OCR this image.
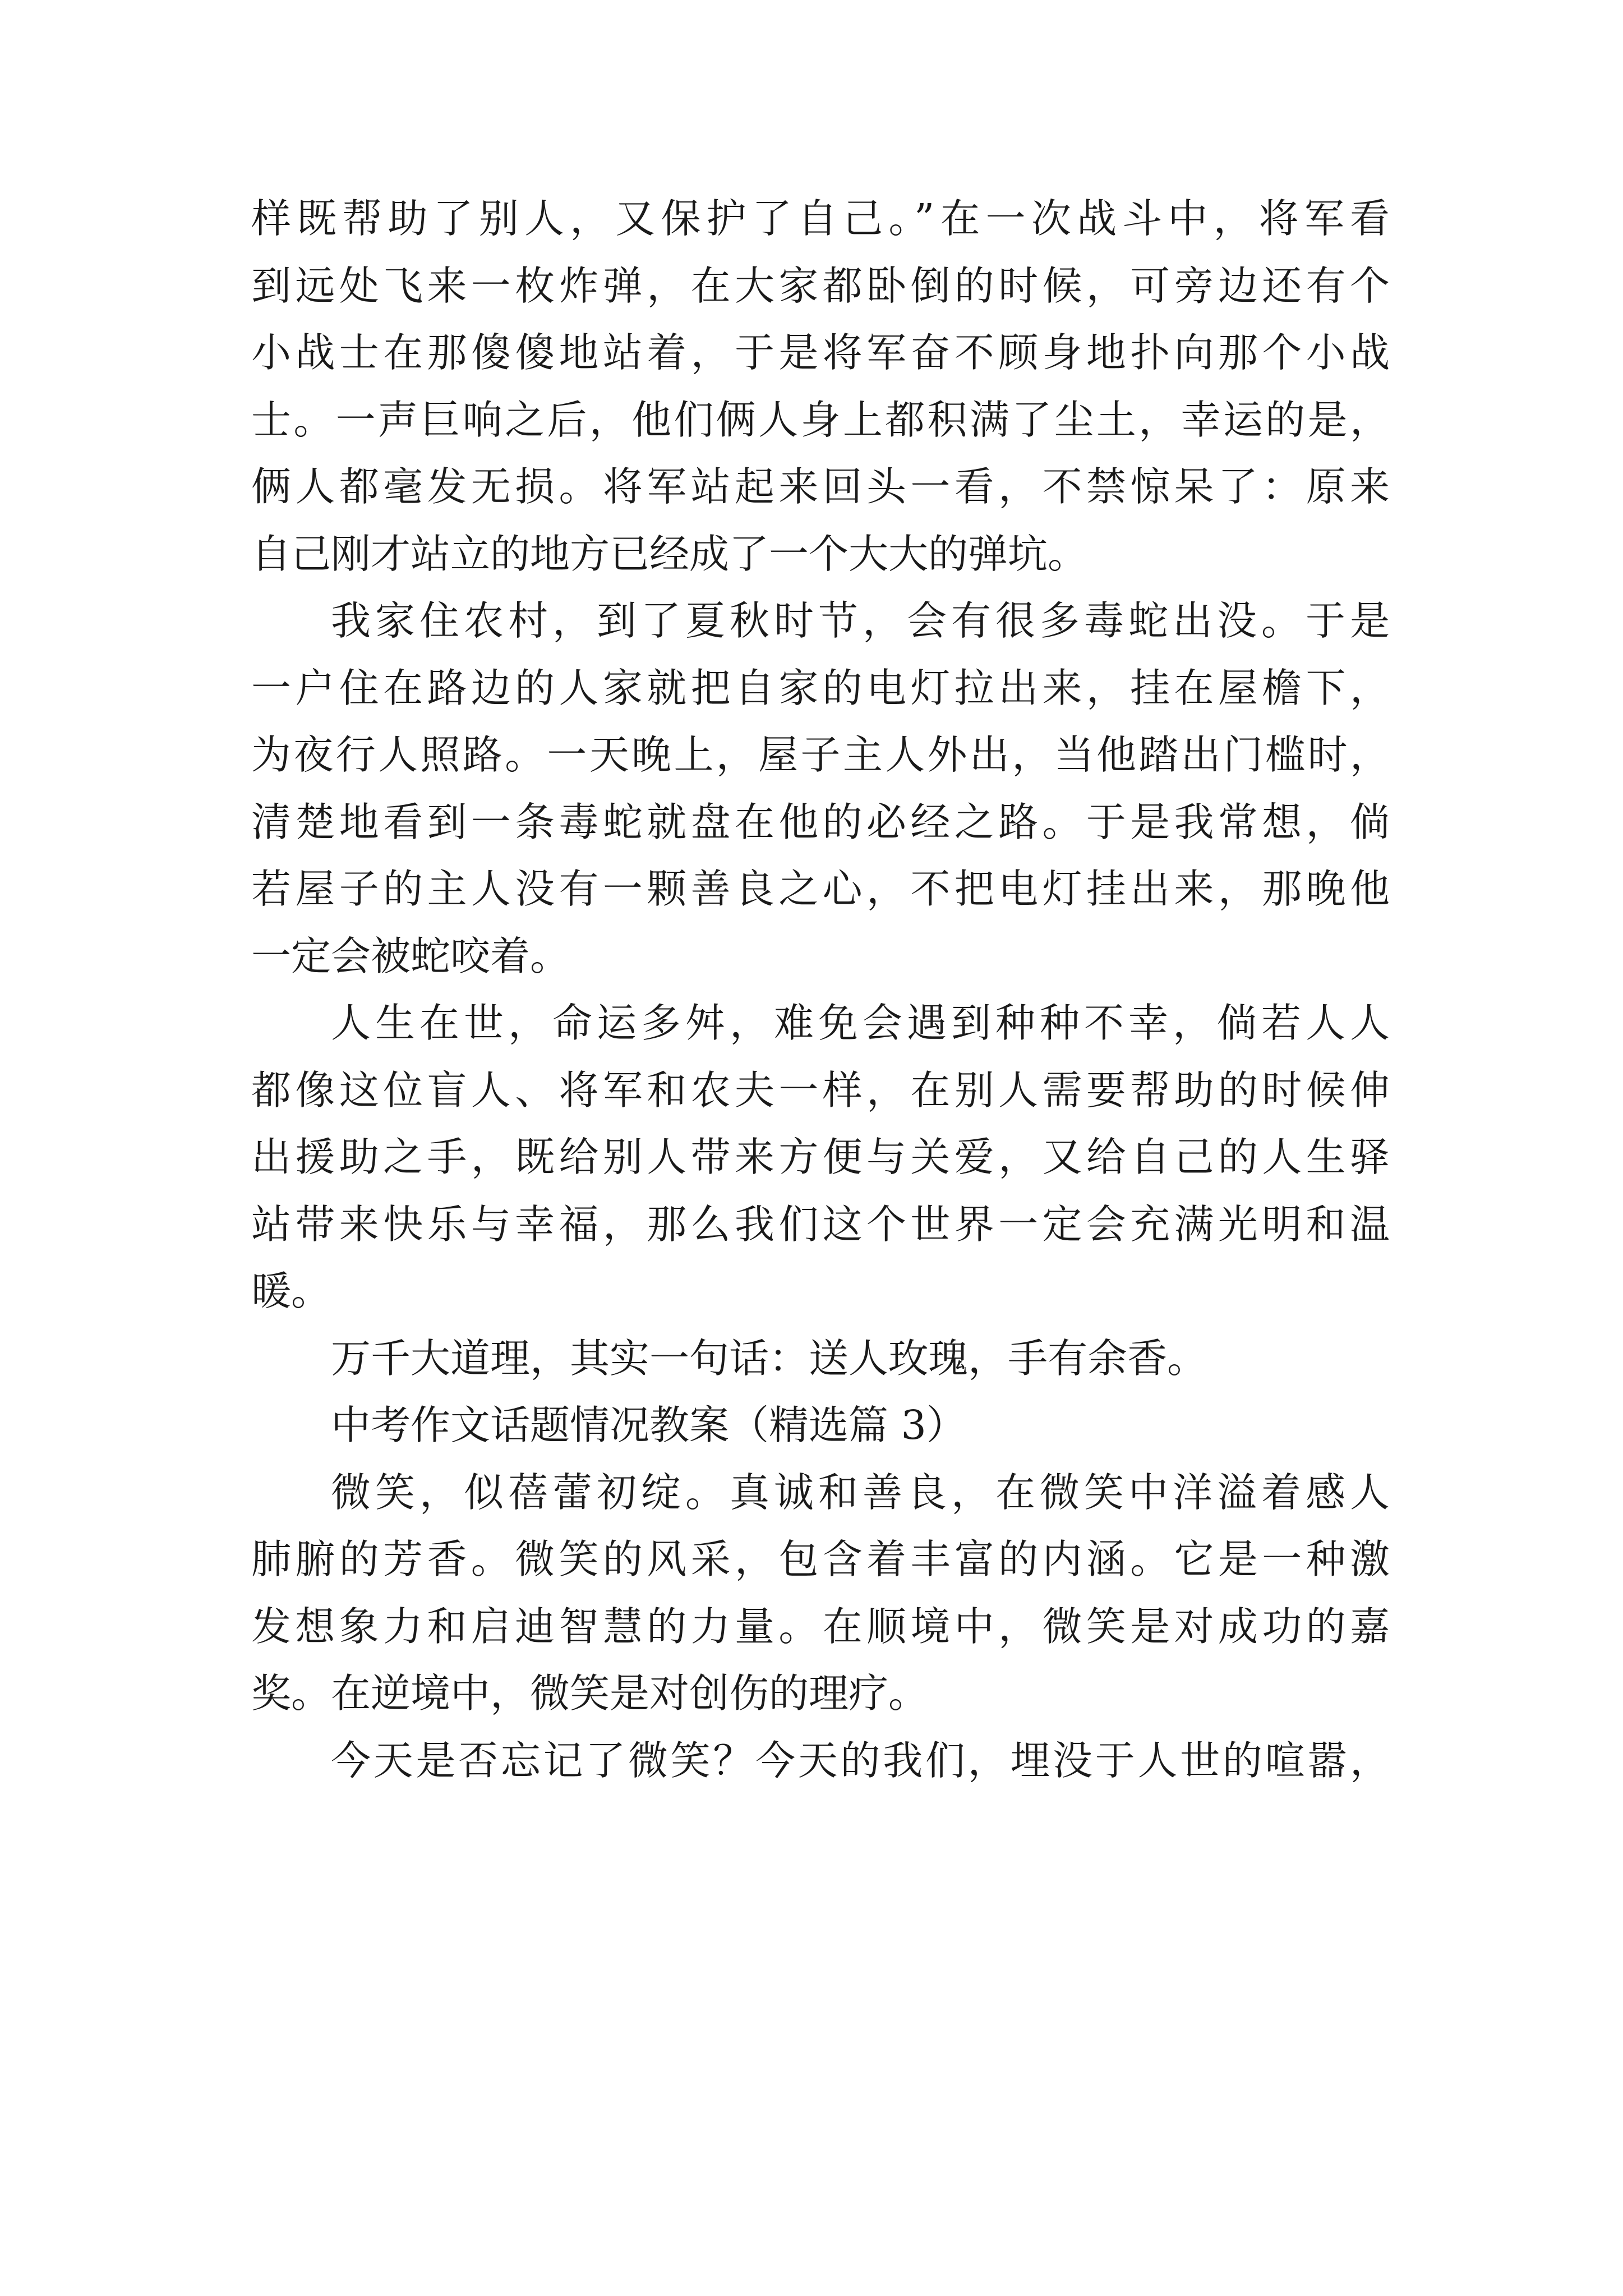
样既帮助了别人，又保护了自己。”在一次战斗中，将军看
到远处飞来一枚炸弹，在大家都卧倒的时候，可旁边还有个
小战士在那傻傻地站着，于是将军奋不顾身地扑向那个小战
士。一声巨响之后，他们俩人身上都积满了尘土，幸运的是，
俩人都毫发无损。将军站起来回头一看，不禁惊呆了：原来
自己刚才站立的地方已经成了一个大大的弹坑。
我家住农村，到了夏秋时节，会有很多毒蛇出没。于是
一户住在路边的人家就把自家的电灯拉出来，挂在屋檐下，
为夜行人照路。一天晚上，屋子主人外出，当他踏出门槛时，
清楚地看到一条毒蛇就盘在他的必经之路。于是我常想，倘
若屋子的主人没有一颗善良之心，不把电灯挂出来，那晚他
一定会被蛇咬着。
人生在世，命运多舛，难免会遇到种种不幸，倘若人人
都像这位盲人、将军和农夫一样，在别人需要帮助的时候伸
出援助之手，既给别人带来方便与关爱，又给自己的人生驿
站带来快乐与幸福，那么我们这个世界一定会充满光明和温
暖。
万千大道理，其实一句话：送人玫瑰，手有余香。
中考作文话题情况教案（精选篇 3）
微笑，似蓓蕾初绽。真诚和善良，在微笑中洋溢着感人
肺腑的芳香。微笑的风采，包含着丰富的内涵。它是一种激
发想象力和启迪智慧的力量。在顺境中，微笑是对成功的嘉
奖。在逆境中，微笑是对创伤的理疗。
今天是否忘记了微笑？今天的我们，埋没于人世的喧嚣，
